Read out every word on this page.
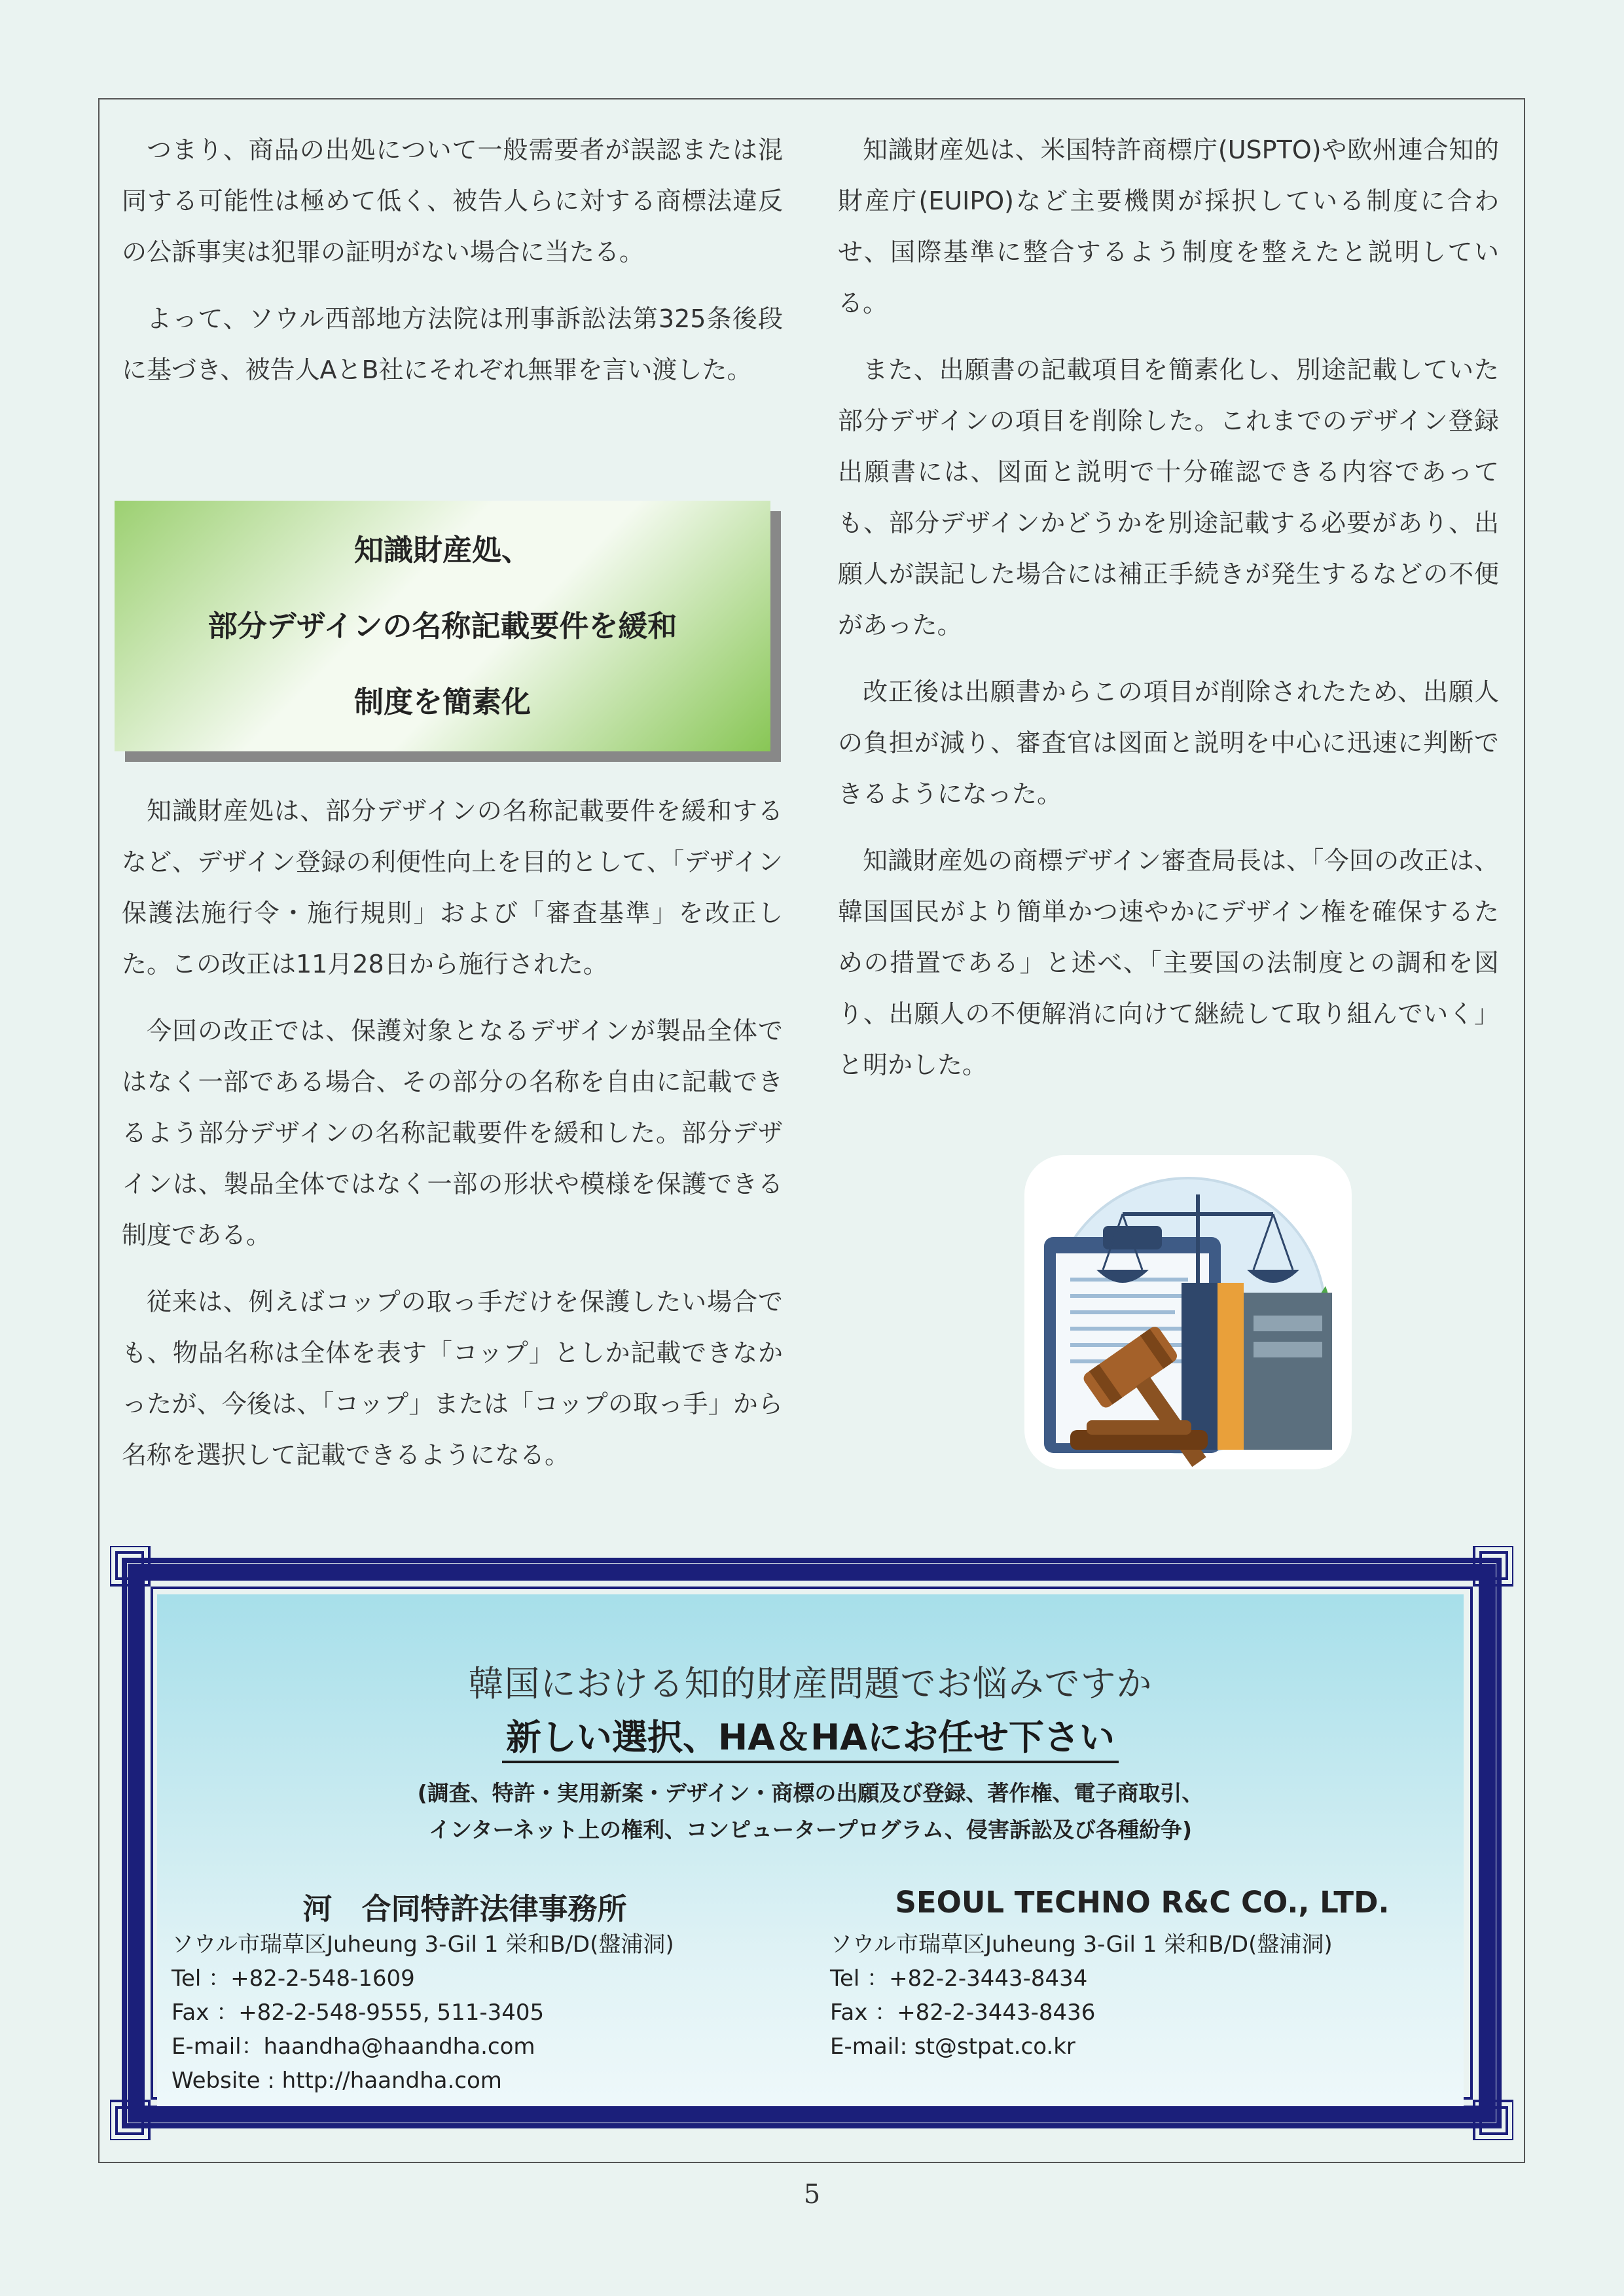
つまり、商品の出処について一般需要者が誤認または混同する可能性は極めて低く、被告人らに対する商標法違反の公訴事実は犯罪の証明がない場合に当たる。

よって、ソウル西部地方法院は刑事訴訟法第325条後段に基づき、被告人AとB社にそれぞれ無罪を言い渡した。

知識財産処、
部分デザインの名称記載要件を緩和
制度を簡素化

知識財産処は、部分デザインの名称記載要件を緩和するなど、デザイン登録の利便性向上を目的として、「デザイン保護法施行令・施行規則」および「審査基準」を改正した。この改正は11月28日から施行された。

今回の改正では、保護対象となるデザインが製品全体ではなく一部である場合、その部分の名称を自由に記載できるよう部分デザインの名称記載要件を緩和した。部分デザインは、製品全体ではなく一部の形状や模様を保護できる制度である。

従来は、例えばコップの取っ手だけを保護したい場合でも、物品名称は全体を表す「コップ」としか記載できなかったが、今後は、「コップ」または「コップの取っ手」から名称を選択して記載できるようになる。

知識財産処は、米国特許商標庁(USPTO)や欧州連合知的財産庁(EUIPO)など主要機関が採択している制度に合わせ、国際基準に整合するよう制度を整えたと説明している。

また、出願書の記載項目を簡素化し、別途記載していた部分デザインの項目を削除した。これまでのデザイン登録出願書には、図面と説明で十分確認できる内容であっても、部分デザインかどうかを別途記載する必要があり、出願人が誤記した場合には補正手続きが発生するなどの不便があった。

改正後は出願書からこの項目が削除されたため、出願人の負担が減り、審査官は図面と説明を中心に迅速に判断できるようになった。

知識財産処の商標デザイン審査局長は、「今回の改正は、韓国国民がより簡単かつ速やかにデザイン権を確保するための措置である」と述べ、「主要国の法制度との調和を図り、出願人の不便解消に向けて継続して取り組んでいく」と明かした。

韓国における知的財産問題でお悩みですか
新しい選択、HA＆HAにお任せ下さい
(調査、特許・実用新案・デザイン・商標の出願及び登録、著作権、電子商取引、
インターネット上の権利、コンピュータープログラム、侵害訴訟及び各種紛争)
河　合同特許法律事務所
ソウル市瑞草区Juheung 3-Gil 1 栄和B/D(盤浦洞)
Tel ：+82-2-548-1609
Fax ：+82-2-548-9555, 511-3405
E-mail：haandha@haandha.com
Website : http://haandha.com
SEOUL TECHNO R&C CO., LTD.
ソウル市瑞草区Juheung 3-Gil 1 栄和B/D(盤浦洞)
Tel ：+82-2-3443-8434
Fax ：+82-2-3443-8436
E-mail: st@stpat.co.kr
5
